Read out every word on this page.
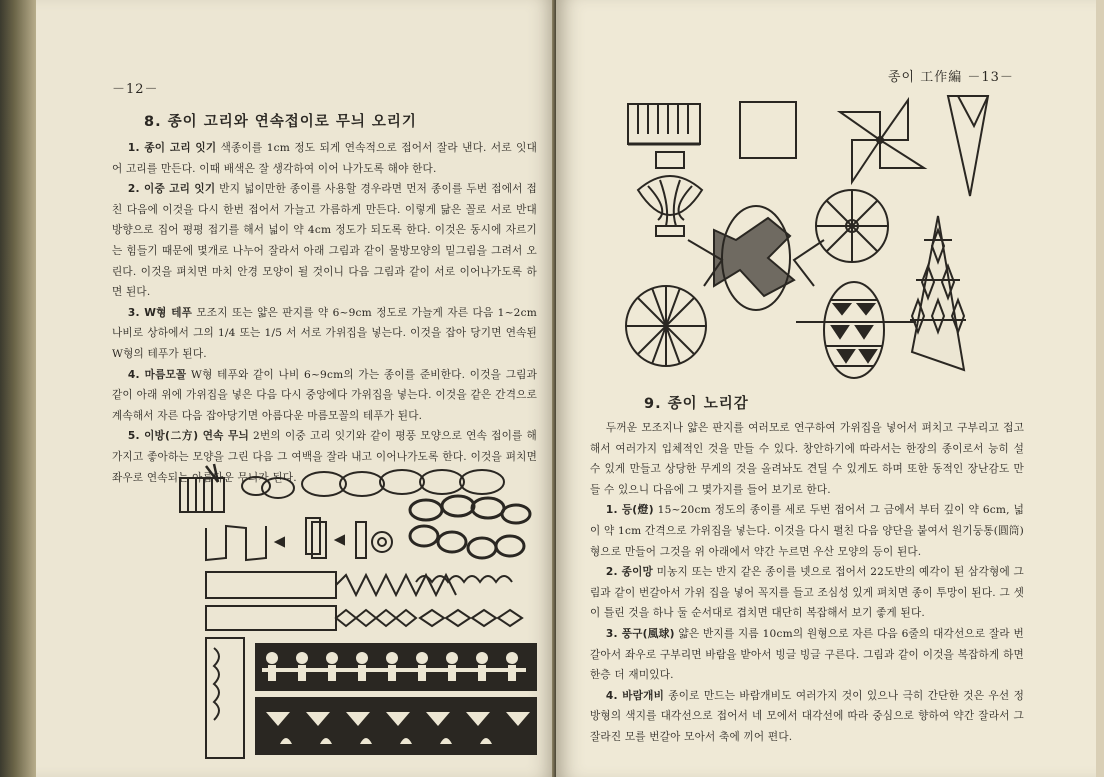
－12－
8. 종이 고리와 연속접이로 무늬 오리기

1. 종이 고리 잇기 색종이를 1cm 정도 되게 연속적으로 접어서 잘라 낸다. 서로 잇대어 고리를 만든다. 이때 배색은 잘 생각하여 이어 나가도록 해야 한다.

2. 이중 고리 잇기 반지 넓이만한 종이를 사용할 경우라면 먼저 종이를 두번 접에서 접친 다음에 이것을 다시 한번 접어서 가늘고 가름하게 만든다. 이렇게 닮은 꼴로 서로 반대 방향으로 집어 평평 접기를 해서 넓이 약 4cm 정도가 되도록 한다. 이것은 동시에 자르기는 힘들기 때문에 몇개로 나누어 잘라서 아래 그림과 같이 물방모양의 밑그림을 그려서 오린다. 이것을 펴치면 마치 안경 모양이 될 것이니 다음 그림과 같이 서로 이어나가도록 하면 된다.

3. W형 테푸 모조지 또는 얇은 판지를 약 6~9cm 정도로 가늘게 자른 다음 1~2cm 나비로 상하에서 그의 1/4 또는 1/5 서 서로 가위집을 넣는다. 이것을 잡아 당기면 연속된 W형의 테푸가 된다.

4. 마름모꼴 W형 테푸와 같이 나비 6~9cm의 가는 종이를 준비한다. 이것을 그림과 같이 아래 위에 가위집을 넣은 다음 다시 중앙에다 가위집을 넣는다. 이것을 같은 간격으로 계속해서 자른 다음 잡아당기면 아름다운 마름모꼴의 테푸가 된다.

5. 이방(二方) 연속 무늬 2번의 이중 고리 잇기와 같이 평풍 모양으로 연속 접이를 해가지고 좋아하는 모양을 그린 다음 그 여백을 잘라 내고 이어나가도록 한다. 이것을 펴치면 좌우로 연속되는 아름다운 무늬가 된다.

종이 工作編 －13－
9. 종이 노리감

두꺼운 모조지나 얇은 판지를 여러모로 연구하여 가위집을 넣어서 펴치고 구부리고 접고 해서 여러가지 입체적인 것을 만들 수 있다. 창안하기에 따라서는 한장의 종이로서 능히 설 수 있게 만들고 상당한 무게의 것을 올려놔도 견딜 수 있게도 하며 또한 동적인 장난감도 만들 수 있으니 다음에 그 몇가지를 들어 보기로 한다.

1. 등(燈) 15~20cm 정도의 종이를 세로 두번 접어서 그 금에서 부터 깊이 약 6cm, 넓이 약 1cm 간격으로 가위집을 넣는다. 이것을 다시 펼친 다음 양단을 붙여서 원기둥통(圓筒)형으로 만들어 그것을 위 아래에서 약간 누르면 우산 모양의 등이 된다.

2. 종이망 미농지 또는 반지 같은 종이를 넷으로 접어서 22도반의 예각이 된 삼각형에 그림과 같이 번갈아서 가위 집을 넣어 꼭지를 들고 조심성 있게 펴치면 종이 투망이 된다. 그 셋이 틀린 것을 하나 둘 순서대로 겹치면 대단히 복잡해서 보기 좋게 된다.

3. 풍구(風球) 얇은 반지를 지름 10cm의 원형으로 자른 다음 6줄의 대각선으로 잘라 번갈아서 좌우로 구부리면 바람을 받아서 빙글 빙글 구른다. 그림과 같이 이것을 복잡하게 하면 한층 더 재미있다.

4. 바람개비 종이로 만드는 바람개비도 여러가지 것이 있으나 극히 간단한 것은 우선 정방형의 색지를 대각선으로 접어서 네 모에서 대각선에 따라 중심으로 향하여 약간 잘라서 그 잘라진 모를 번갈아 모아서 축에 끼어 편다.
